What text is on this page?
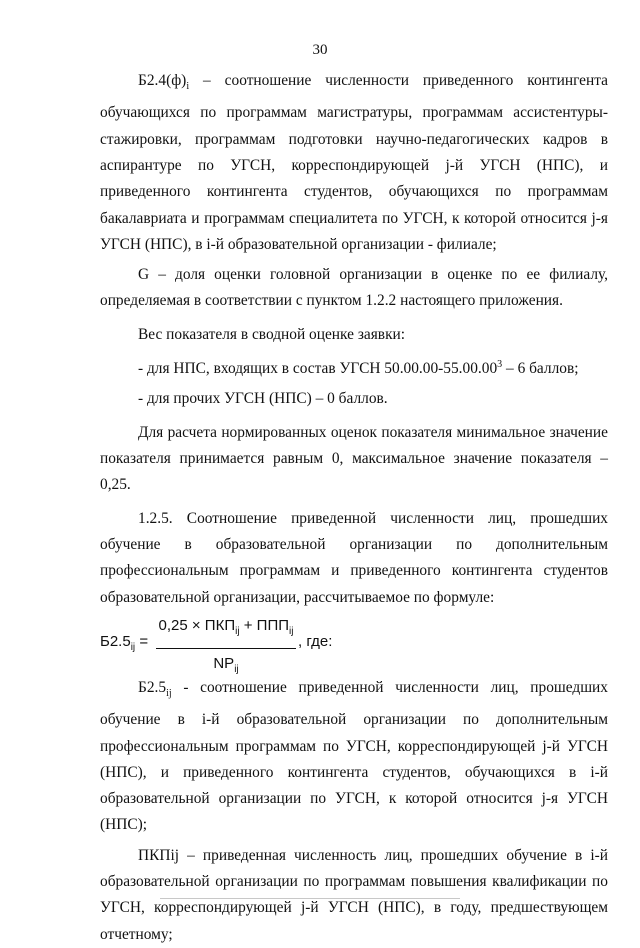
30

$Б2.4(ф)_i$ – соотношение численности приведенного контингента обучающихся по программам магистратуры, программам ассистентуры-стажировки, программам подготовки научно-педагогических кадров в аспирантуре по УГСН, корреспондирующей j-й УГСН (НПС), и приведенного контингента студентов, обучающихся по программам бакалавриата и программам специалитета по УГСН, к которой относится j-я УГСН (НПС), в i-й образовательной организации - филиале;

G – доля оценки головной организации в оценке по ее филиалу, определяемая в соответствии с пунктом 1.2.2 настоящего приложения.

Вес показателя в сводной оценке заявки:

- для НПС, входящих в состав УГСН 50.00.00-55.00.00$^3$ – 6 баллов;

- для прочих УГСН (НПС) – 0 баллов.

Для расчета нормированных оценок показателя минимальное значение показателя принимается равным 0, максимальное значение показателя – 0,25.

1.2.5. Соотношение приведенной численности лиц, прошедших обучение в образовательной организации по дополнительным профессиональным программам и приведенного контингента студентов образовательной организации, рассчитываемое по формуле:

$Б2.5_{ij}$ =
$0,25 \times ПКП_{ij} + ППП_{ij}$
$NP_{ij}$
, где:

$Б2.5_{ij}$ - соотношение приведенной численности лиц, прошедших обучение в i-й образовательной организации по дополнительным профессиональным программам по УГСН, корреспондирующей j-й УГСН (НПС), и приведенного контингента студентов, обучающихся в i-й образовательной организации по УГСН, к которой относится j-я УГСН (НПС);

ПКПij – приведенная численность лиц, прошедших обучение в i-й образовательной организации по программам повышения квалификации по УГСН, корреспондирующей j-й УГСН (НПС), в году, предшествующем отчетному;
